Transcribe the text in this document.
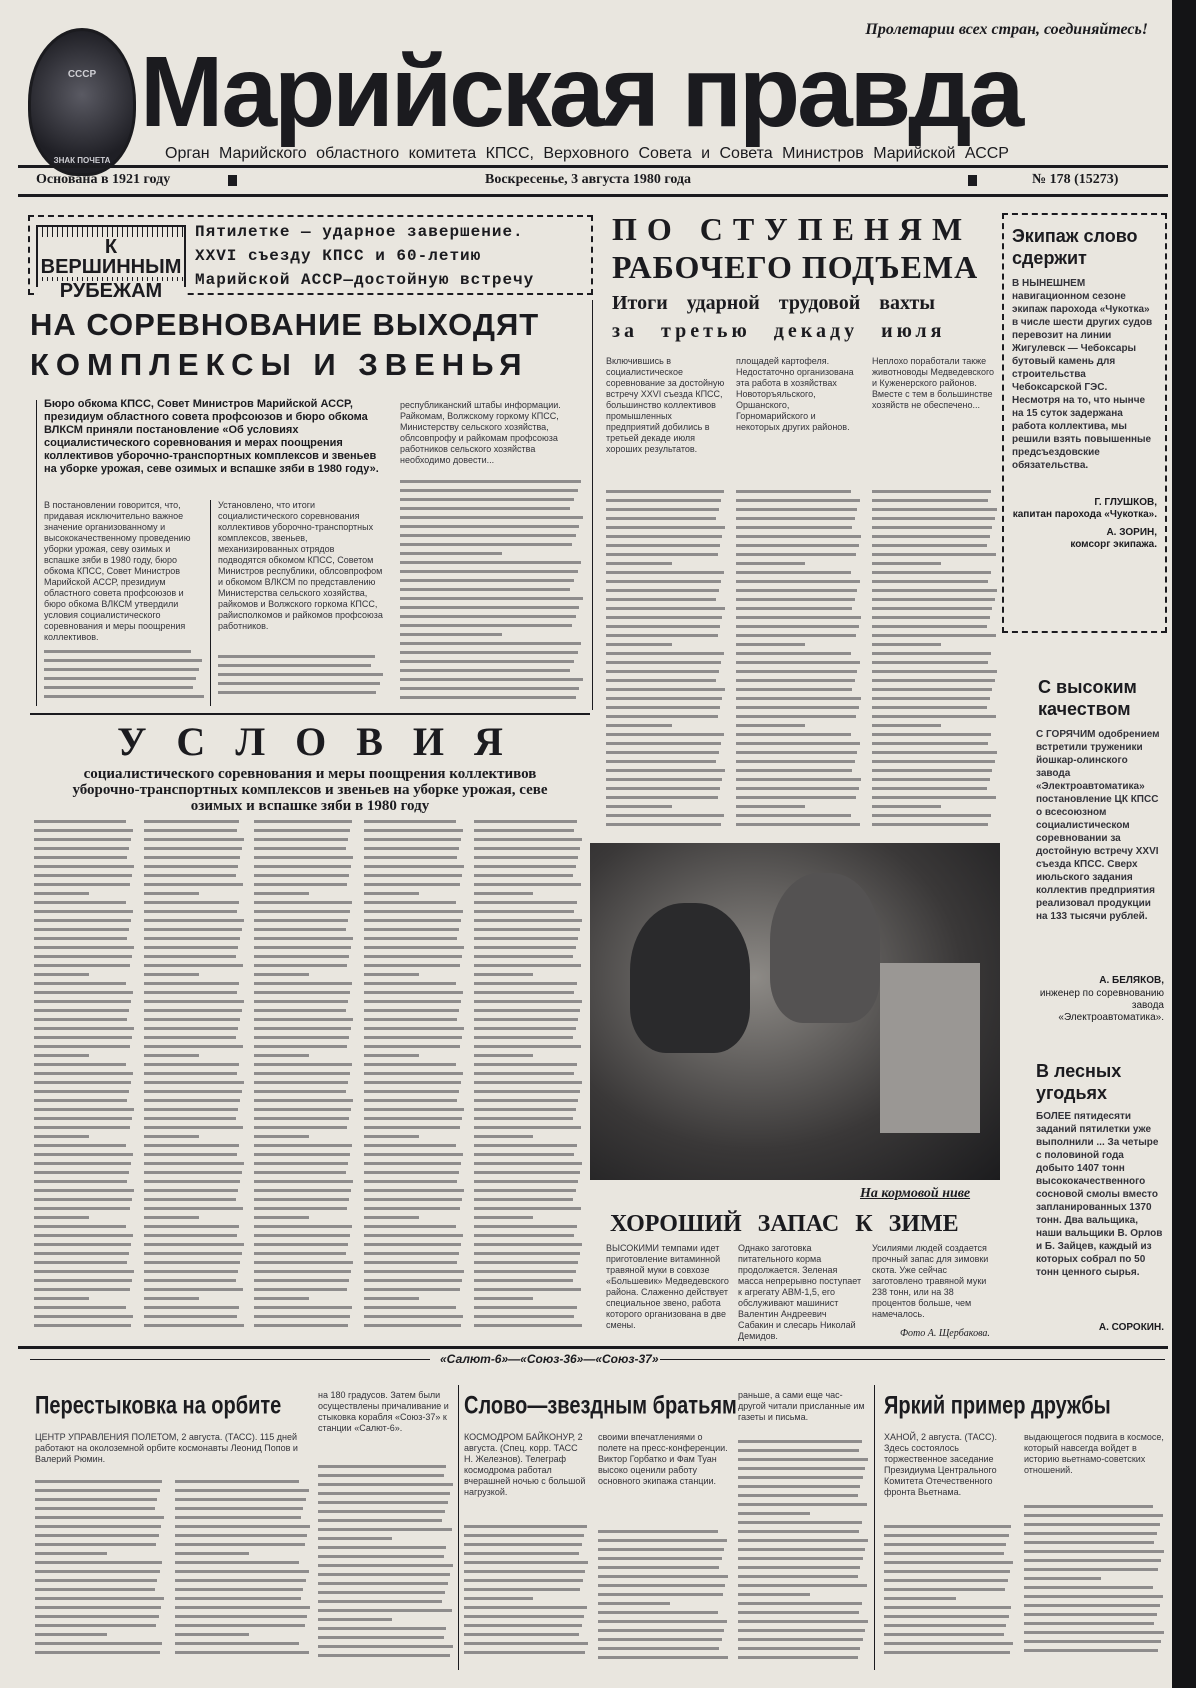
СССР
ЗНАК ПОЧЕТА
Марийская правда
Пролетарии всех стран, соединяйтесь!
Орган Марийского областного комитета КПСС, Верховного Совета и Совета Министров Марийской АССР
Основана в 1921 году	Воскресенье, 3 августа 1980 года	№ 178 (15273)
К ВЕРШИННЫМ
РУБЕЖАМ
Пятилетке — ударное завершение.
XXVI съезду КПСС и 60-летию
Марийской АССР—достойную встречу
НА СОРЕВНОВАНИЕ ВЫХОДЯТ
КОМПЛЕКСЫ И ЗВЕНЬЯ
Бюро обкома КПСС, Совет Министров Марийской АССР, президиум областного совета профсоюзов и бюро обкома ВЛКСМ приняли постановление «Об условиях социалистического соревнования и мерах поощрения коллективов уборочно-транспортных комплексов и звеньев на уборке урожая, севе озимых и вспашке зяби в 1980 году».
республиканский штабы информации. Райкомам, Волжскому горкому КПСС, Министерству сельского хозяйства, облсовпрофу и райкомам профсоюза работников сельского хозяйства необходимо довести...
В постановлении говорится, что, придавая исключительно важное значение организованному и высококачественному проведению уборки урожая, севу озимых и вспашке зяби в 1980 году, бюро обкома КПСС, Совет Министров Марийской АССР, президиум областного совета профсоюзов и бюро обкома ВЛКСМ утвердили условия социалистического соревнования и меры поощрения коллективов.
Установлено, что итоги социалистического соревнования коллективов уборочно-транспортных комплексов, звеньев, механизированных отрядов подводятся обкомом КПСС, Советом Министров республики, облсовпрофом и обкомом ВЛКСМ по представлению Министерства сельского хозяйства, райкомов и Волжского горкома КПСС, райисполкомов и райкомов профсоюза работников.
У С Л О В И Я
социалистического соревнования и меры поощрения коллективов уборочно-транспортных комплексов и звеньев на уборке урожая, севе озимых и вспашке зяби в 1980 году
ПО СТУПЕНЯМ
РАБОЧЕГО ПОДЪЕМА
Итоги ударной трудовой вахты
за третью декаду июля
Включившись в социалистическое соревнование за достойную встречу XXVI съезда КПСС, большинство коллективов промышленных предприятий добились в третьей декаде июля хороших результатов.
площадей картофеля. Недостаточно организована эта работа в хозяйствах Новоторъяльского, Оршанского, Горномарийского и некоторых других районов.
Неплохо поработали также животноводы Медведевского и Куженерского районов. Вместе с тем в большинстве хозяйств не обеспечено...
На кормовой ниве
ХОРОШИЙ ЗАПАС К ЗИМЕ
ВЫСОКИМИ темпами идет приготовление витаминной травяной муки в совхозе «Большевик» Медведевского района. Слаженно действует специальное звено, работа которого организована в две смены.
Однако заготовка питательного корма продолжается. Зеленая масса непрерывно поступает к агрегату АВМ-1,5, его обслуживают машинист Валентин Андреевич Сабакин и слесарь Николай Демидов.
Усилиями людей создается прочный запас для зимовки скота. Уже сейчас заготовлено травяной муки 238 тонн, или на 38 процентов больше, чем намечалось.
Фото А. Щербакова.
Экипаж слово сдержит
В НЫНЕШНЕМ навигационном сезоне экипаж парохода «Чукотка» в числе шести других судов перевозит на линии Жигулевск — Чебоксары бутовый камень для строительства Чебоксарской ГЭС. Несмотря на то, что нынче на 15 суток задержана работа коллектива, мы решили взять повышенные предсъездовские обязательства.
Г. ГЛУШКОВ,
капитан парохода «Чукотка».
А. ЗОРИН,
комсорг экипажа.
С высоким качеством
С ГОРЯЧИМ одобрением встретили труженики йошкар-олинского завода «Электроавтоматика» постановление ЦК КПСС о всесоюзном социалистическом соревновании за достойную встречу XXVI съезда КПСС. Сверх июльского задания коллектив предприятия реализовал продукции на 133 тысячи рублей.
А. БЕЛЯКОВ,
инженер по соревнованию завода «Электроавтоматика».
В лесных угодьях
БОЛЕЕ пятидесяти заданий пятилетки уже выполнили ... За четыре с половиной года добыто 1407 тонн высококачественного сосновой смолы вместо запланированных 1370 тонн. Два вальщика, наши вальщики В. Орлов и Б. Зайцев, каждый из которых собрал по 50 тонн ценного сырья.
А. СОРОКИН.
«Салют-6»—«Союз-36»—«Союз-37»
Перестыковка на орбите
ЦЕНТР УПРАВЛЕНИЯ ПОЛЕТОМ, 2 августа. (ТАСС). 115 дней работают на околоземной орбите космонавты Леонид Попов и Валерий Рюмин.
на 180 градусов. Затем были осуществлены причаливание и стыковка корабля «Союз-37» к станции «Салют-6».
Слово—звездным братьям
КОСМОДРОМ БАЙКОНУР, 2 августа. (Спец. корр. ТАСС Н. Железнов). Телеграф космодрома работал вчерашней ночью с большой нагрузкой.
своими впечатлениями о полете на пресс-конференции. Виктор Горбатко и Фам Туан высоко оценили работу основного экипажа станции.
раньше, а сами еще час-другой читали присланные им газеты и письма.	Яркий пример дружбы
ХАНОЙ, 2 августа. (ТАСС). Здесь состоялось торжественное заседание Президиума Центрального Комитета Отечественного фронта Вьетнама.
выдающегося подвига в космосе, который навсегда войдет в историю вьетнамо-советских отношений.
